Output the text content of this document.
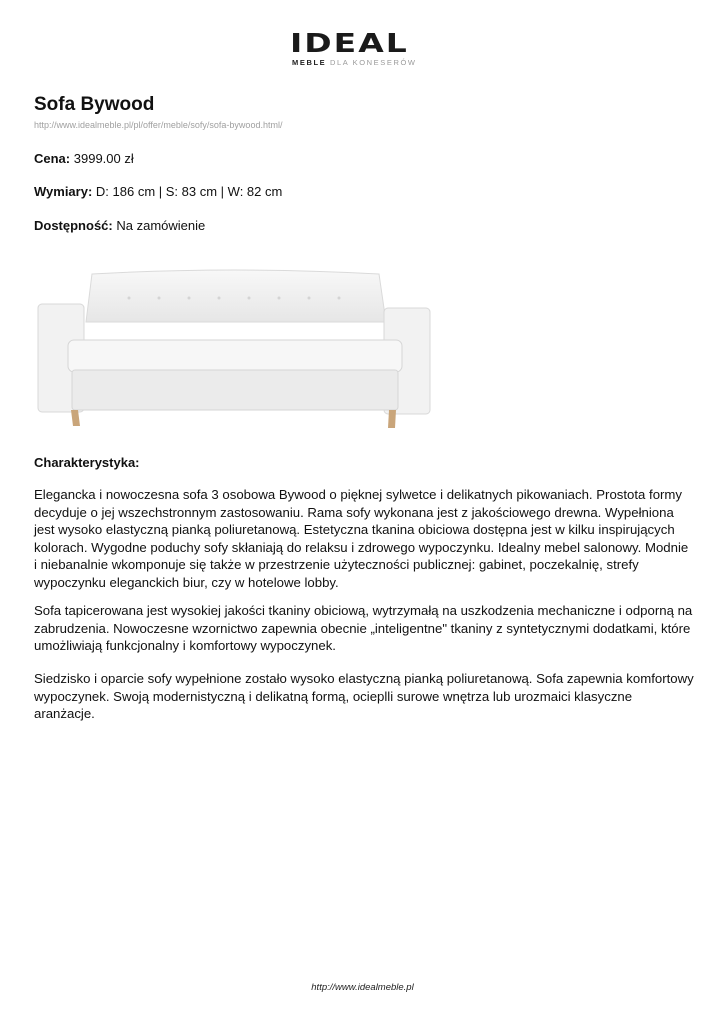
IDEAL
MEBLE DLA KONESERÓW
Sofa Bywood
http://www.idealmeble.pl/pl/offer/meble/sofy/sofa-bywood.html/
Cena: 3999.00 zł
Wymiary: D: 186 cm | S: 83 cm | W: 82 cm
Dostępność: Na zamówienie
Charakterystyka:

Elegancka i nowoczesna sofa 3 osobowa Bywood o pięknej sylwetce i delikatnych pikowaniach. Prostota formy decyduje o jej wszechstronnym zastosowaniu. Rama sofy wykonana jest z jakościowego drewna. Wypełniona jest wysoko elastyczną pianką poliuretanową. Estetyczna tkanina obiciowa dostępna jest w kilku inspirujących kolorach. Wygodne poduchy sofy skłaniają do relaksu i zdrowego wypoczynku. Idealny mebel salonowy. Modnie i niebanalnie wkomponuje się także w przestrzenie użyteczności publicznej: gabinet, poczekalnię, strefy wypoczynku eleganckich biur, czy w hotelowe lobby.

Sofa tapicerowana jest wysokiej jakości tkaniny obiciową, wytrzymałą na uszkodzenia mechaniczne i odporną na zabrudzenia. Nowoczesne wzornictwo zapewnia obecnie „inteligentne" tkaniny z syntetycznymi dodatkami, które umożliwiają funkcjonalny i komfortowy wypoczynek.

Siedzisko i oparcie sofy wypełnione zostało wysoko elastyczną pianką poliuretanową. Sofa zapewnia komfortowy wypoczynek. Swoją modernistyczną i delikatną formą, ocieplli surowe wnętrza lub urozmaici klasyczne aranżacje.

http://www.idealmeble.pl
